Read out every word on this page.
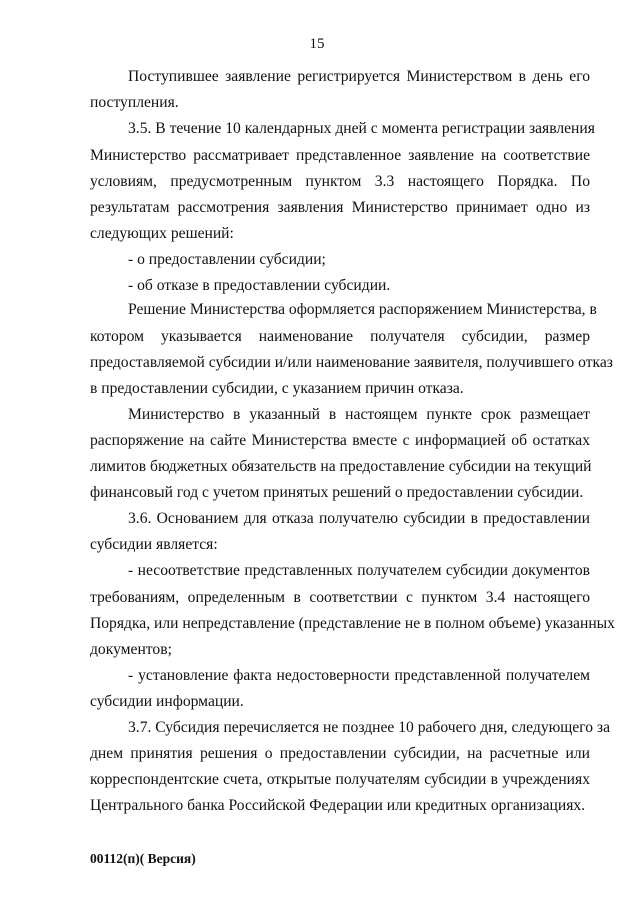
15
Поступившее заявление регистрируется Министерством в день его
поступления.
3.5. В течение 10 календарных дней с момента регистрации заявления
Министерство рассматривает представленное заявление на соответствие
условиям, предусмотренным пунктом 3.3 настоящего Порядка. По
результатам рассмотрения заявления Министерство принимает одно из
следующих решений:
- о предоставлении субсидии;
- об отказе в предоставлении субсидии.
Решение Министерства оформляется распоряжением Министерства, в
котором указывается наименование получателя субсидии, размер
предоставляемой субсидии и/или наименование заявителя, получившего отказ
в предоставлении субсидии, с указанием причин отказа.
Министерство в указанный в настоящем пункте срок размещает
распоряжение на сайте Министерства вместе с информацией об остатках
лимитов бюджетных обязательств на предоставление субсидии на текущий
финансовый год с учетом принятых решений о предоставлении субсидии.
3.6. Основанием для отказа получателю субсидии в предоставлении
субсидии является:
- несоответствие представленных получателем субсидии документов
требованиям, определенным в соответствии с пунктом 3.4 настоящего
Порядка, или непредставление (представление не в полном объеме) указанных
документов;
- установление факта недостоверности представленной получателем
субсидии информации.
3.7. Субсидия перечисляется не позднее 10 рабочего дня, следующего за
днем принятия решения о предоставлении субсидии, на расчетные или
корреспондентские счета, открытые получателям субсидии в учреждениях
Центрального банка Российской Федерации или кредитных организациях.
00112(п)( Версия)
